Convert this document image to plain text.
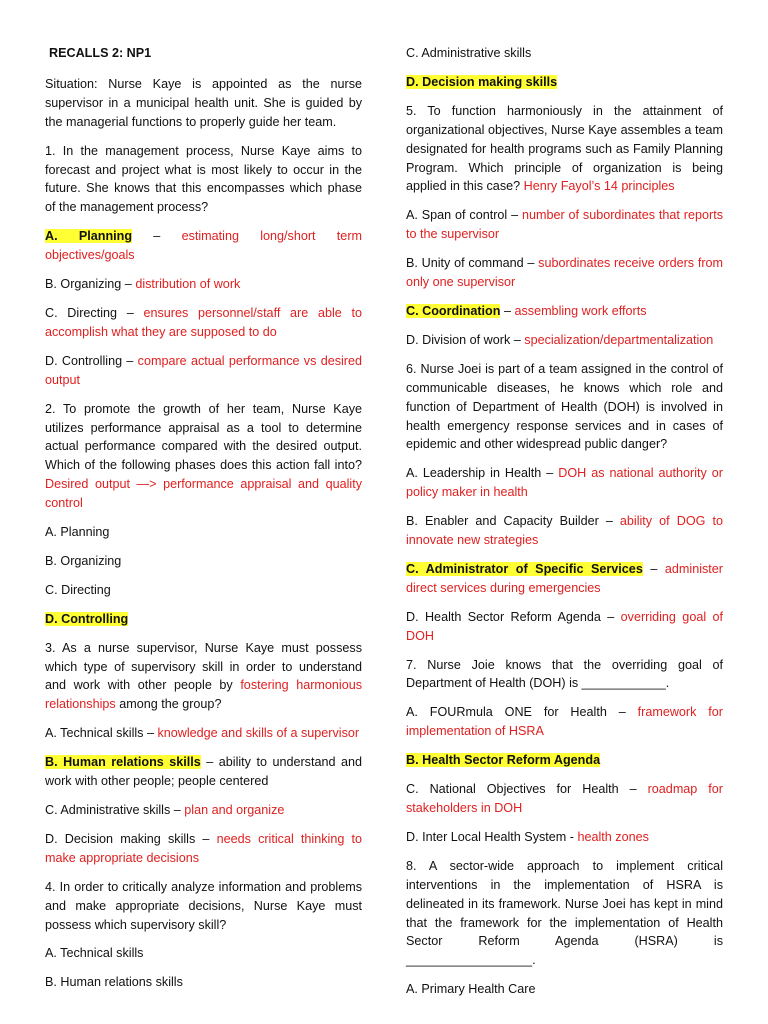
RECALLS 2: NP1

Situation: Nurse Kaye is appointed as the nurse supervisor in a municipal health unit. She is guided by the managerial functions to properly guide her team.

1. In the management process, Nurse Kaye aims to forecast and project what is most likely to occur in the future. She knows that this encompasses which phase of the management process?

A. Planning – estimating long/short term objectives/goals

B. Organizing – distribution of work

C. Directing – ensures personnel/staff are able to accomplish what they are supposed to do

D. Controlling – compare actual performance vs desired output

2. To promote the growth of her team, Nurse Kaye utilizes performance appraisal as a tool to determine actual performance compared with the desired output. Which of the following phases does this action fall into? Desired output —> performance appraisal and quality control

A. Planning

B. Organizing

C. Directing

D. Controlling

3. As a nurse supervisor, Nurse Kaye must possess which type of supervisory skill in order to understand and work with other people by fostering harmonious relationships among the group?

A. Technical skills – knowledge and skills of a supervisor

B. Human relations skills – ability to understand and work with other people; people centered

C. Administrative skills – plan and organize

D. Decision making skills – needs critical thinking to make appropriate decisions

4. In order to critically analyze information and problems and make appropriate decisions, Nurse Kaye must possess which supervisory skill?

A. Technical skills

B. Human relations skills

C. Administrative skills

D. Decision making skills

5. To function harmoniously in the attainment of organizational objectives, Nurse Kaye assembles a team designated for health programs such as Family Planning Program. Which principle of organization is being applied in this case? Henry Fayol’s 14 principles

A. Span of control – number of subordinates that reports to the supervisor

B. Unity of command – subordinates receive orders from only one supervisor

C. Coordination – assembling work efforts

D. Division of work – specialization/departmentalization

6. Nurse Joei is part of a team assigned in the control of communicable diseases, he knows which role and function of Department of Health (DOH) is involved in health emergency response services and in cases of epidemic and other widespread public danger?

A. Leadership in Health – DOH as national authority or policy maker in health

B. Enabler and Capacity Builder – ability of DOG to innovate new strategies

C. Administrator of Specific Services – administer direct services during emergencies

D. Health Sector Reform Agenda – overriding goal of DOH

7. Nurse Joie knows that the overriding goal of Department of Health (DOH) is ____________.

A. FOURmula ONE for Health – framework for implementation of HSRA

B. Health Sector Reform Agenda

C. National Objectives for Health – roadmap for stakeholders in DOH

D. Inter Local Health System - health zones

8. A sector-wide approach to implement critical interventions in the implementation of HSRA is delineated in its framework. Nurse Joei has kept in mind that the framework for the implementation of Health Sector Reform Agenda (HSRA) is __________________.

A. Primary Health Care
